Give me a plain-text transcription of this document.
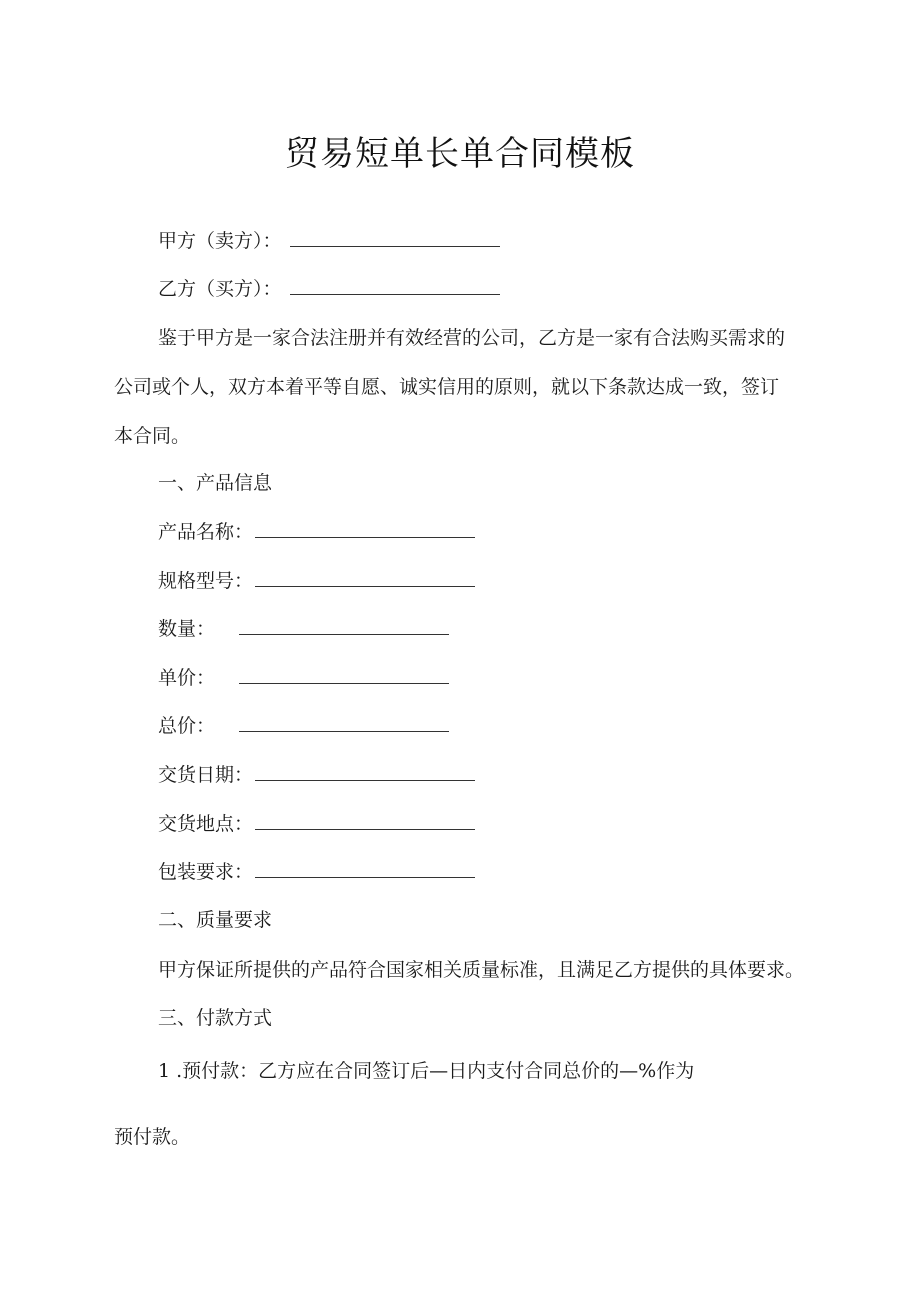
贸易短单长单合同模板
甲方（卖方）：
乙方（买方）：
鉴于甲方是一家合法注册并有效经营的公司，乙方是一家有合法购买需求的
公司或个人，双方本着平等自愿、诚实信用的原则，就以下条款达成一致，签订
本合同。
一、产品信息
产品名称：
规格型号：
数量：
单价：
总价：
交货日期：
交货地点：
包装要求：
二、质量要求
甲方保证所提供的产品符合国家相关质量标准，且满足乙方提供的具体要求。
三、付款方式
1 .预付款：乙方应在合同签订后—日内支付合同总价的—%作为
预付款。
